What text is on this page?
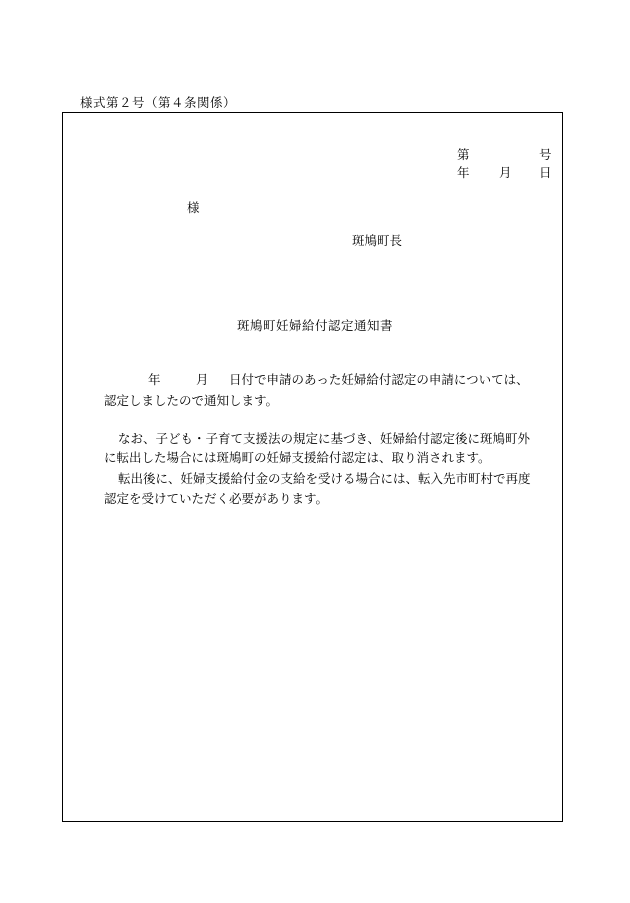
様式第２号（第４条関係）
第	号
年 月 日
様
斑鳩町長
斑鳩町妊婦給付認定通知書
年	月 日付で申請のあった妊婦給付認定の申請については、
認定しましたので通知します。
なお、子ども・子育て支援法の規定に基づき、妊婦給付認定後に斑鳩町外
に転出した場合には斑鳩町の妊婦支援給付認定は、取り消されます。
転出後に、妊婦支援給付金の支給を受ける場合には、転入先市町村で再度
認定を受けていただく必要があります。
